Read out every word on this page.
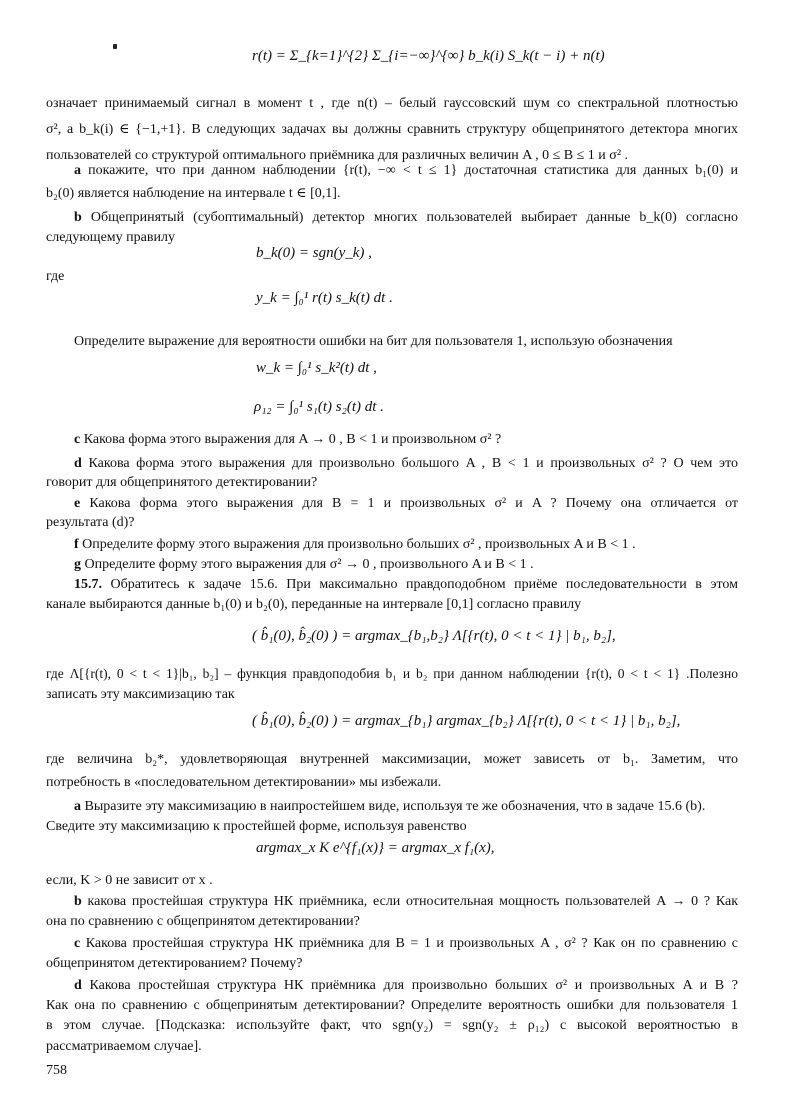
r(t) = Σ_{k=1}^{2} Σ_{i=−∞}^{∞} b_k(i) S_k(t − i) + n(t)
означает принимаемый сигнал в момент t , где n(t) – белый гауссовский шум со спектральной плотностью
σ², а b_k(i) ∈ {−1,+1}. В следующих задачах вы должны сравнить структуру общепринятого детектора многих
пользователей со структурой оптимального приёмника для различных величин A , 0 ≤ B ≤ 1 и σ² .
а покажите, что при данном наблюдении {r(t), −∞ < t ≤ 1} достаточная статистика для данных b₁(0) и
b₂(0) является наблюдение на интервале t ∈ [0,1].
b Общепринятый (субоптимальный) детектор многих пользователей выбирает данные b_k(0) согласно
следующему правилу
b_k(0) = sgn(y_k) ,
где
y_k = ∫₀¹ r(t) s_k(t) dt .
Определите выражение для вероятности ошибки на бит для пользователя 1, использую обозначения
w_k = ∫₀¹ s_k²(t) dt ,
ρ₁₂ = ∫₀¹ s₁(t) s₂(t) dt .
c Какова форма этого выражения для A → 0 , B < 1 и произвольном σ² ?
d Какова форма этого выражения для произвольно большого A , B < 1 и произвольных σ² ? О чем это
говорит для общепринятого детектировании?
e Какова форма этого выражения для B = 1 и произвольных σ² и A ? Почему она отличается от
результата (d)?
f Определите форму этого выражения для произвольно больших σ² , произвольных A и B < 1 .
g Определите форму этого выражения для σ² → 0 , произвольного A и B < 1 .
15.7. Обратитесь к задаче 15.6. При максимально правдоподобном приёме последовательности в этом
канале выбираются данные b₁(0) и b₂(0), переданные на интервале [0,1] согласно правилу
( b̂₁(0), b̂₂(0) ) = argmax_{b₁,b₂} Λ[{r(t), 0 < t < 1} | b₁, b₂],
где Λ[{r(t), 0 < t < 1}|b₁, b₂] – функция правдоподобия b₁ и b₂ при данном наблюдении {r(t), 0 < t < 1} .Полезно
записать эту максимизацию так
( b̂₁(0), b̂₂(0) ) = argmax_{b₁} argmax_{b₂} Λ[{r(t), 0 < t < 1} | b₁, b₂],
где величина b₂*, удовлетворяющая внутренней максимизации, может зависеть от b₁. Заметим, что
потребность в «последовательном детектировании» мы избежали.
а Выразите эту максимизацию в наипростейшем виде, используя те же обозначения, что в задаче 15.6 (b).
Сведите эту максимизацию к простейшей форме, используя равенство
argmax_x K e^{f₁(x)} = argmax_x f₁(x),
если, K > 0 не зависит от x .
b какова простейшая структура НК приёмника, если относительная мощность пользователей A → 0 ? Как
она по сравнению с общепринятом детектировании?
c Какова простейшая структура НК приёмника для B = 1 и произвольных A , σ² ? Как он по сравнению с
общепринятом детектированием? Почему?
d Какова простейшая структура НК приёмника для произвольно больших σ² и произвольных A и B ?
Как она по сравнению с общепринятым детектировании? Определите вероятность ошибки для пользователя 1
в этом случае. [Подсказка: используйте факт, что sgn(y₂) = sgn(y₂ ± ρ₁₂) с высокой вероятностью в
рассматриваемом случае].
758
